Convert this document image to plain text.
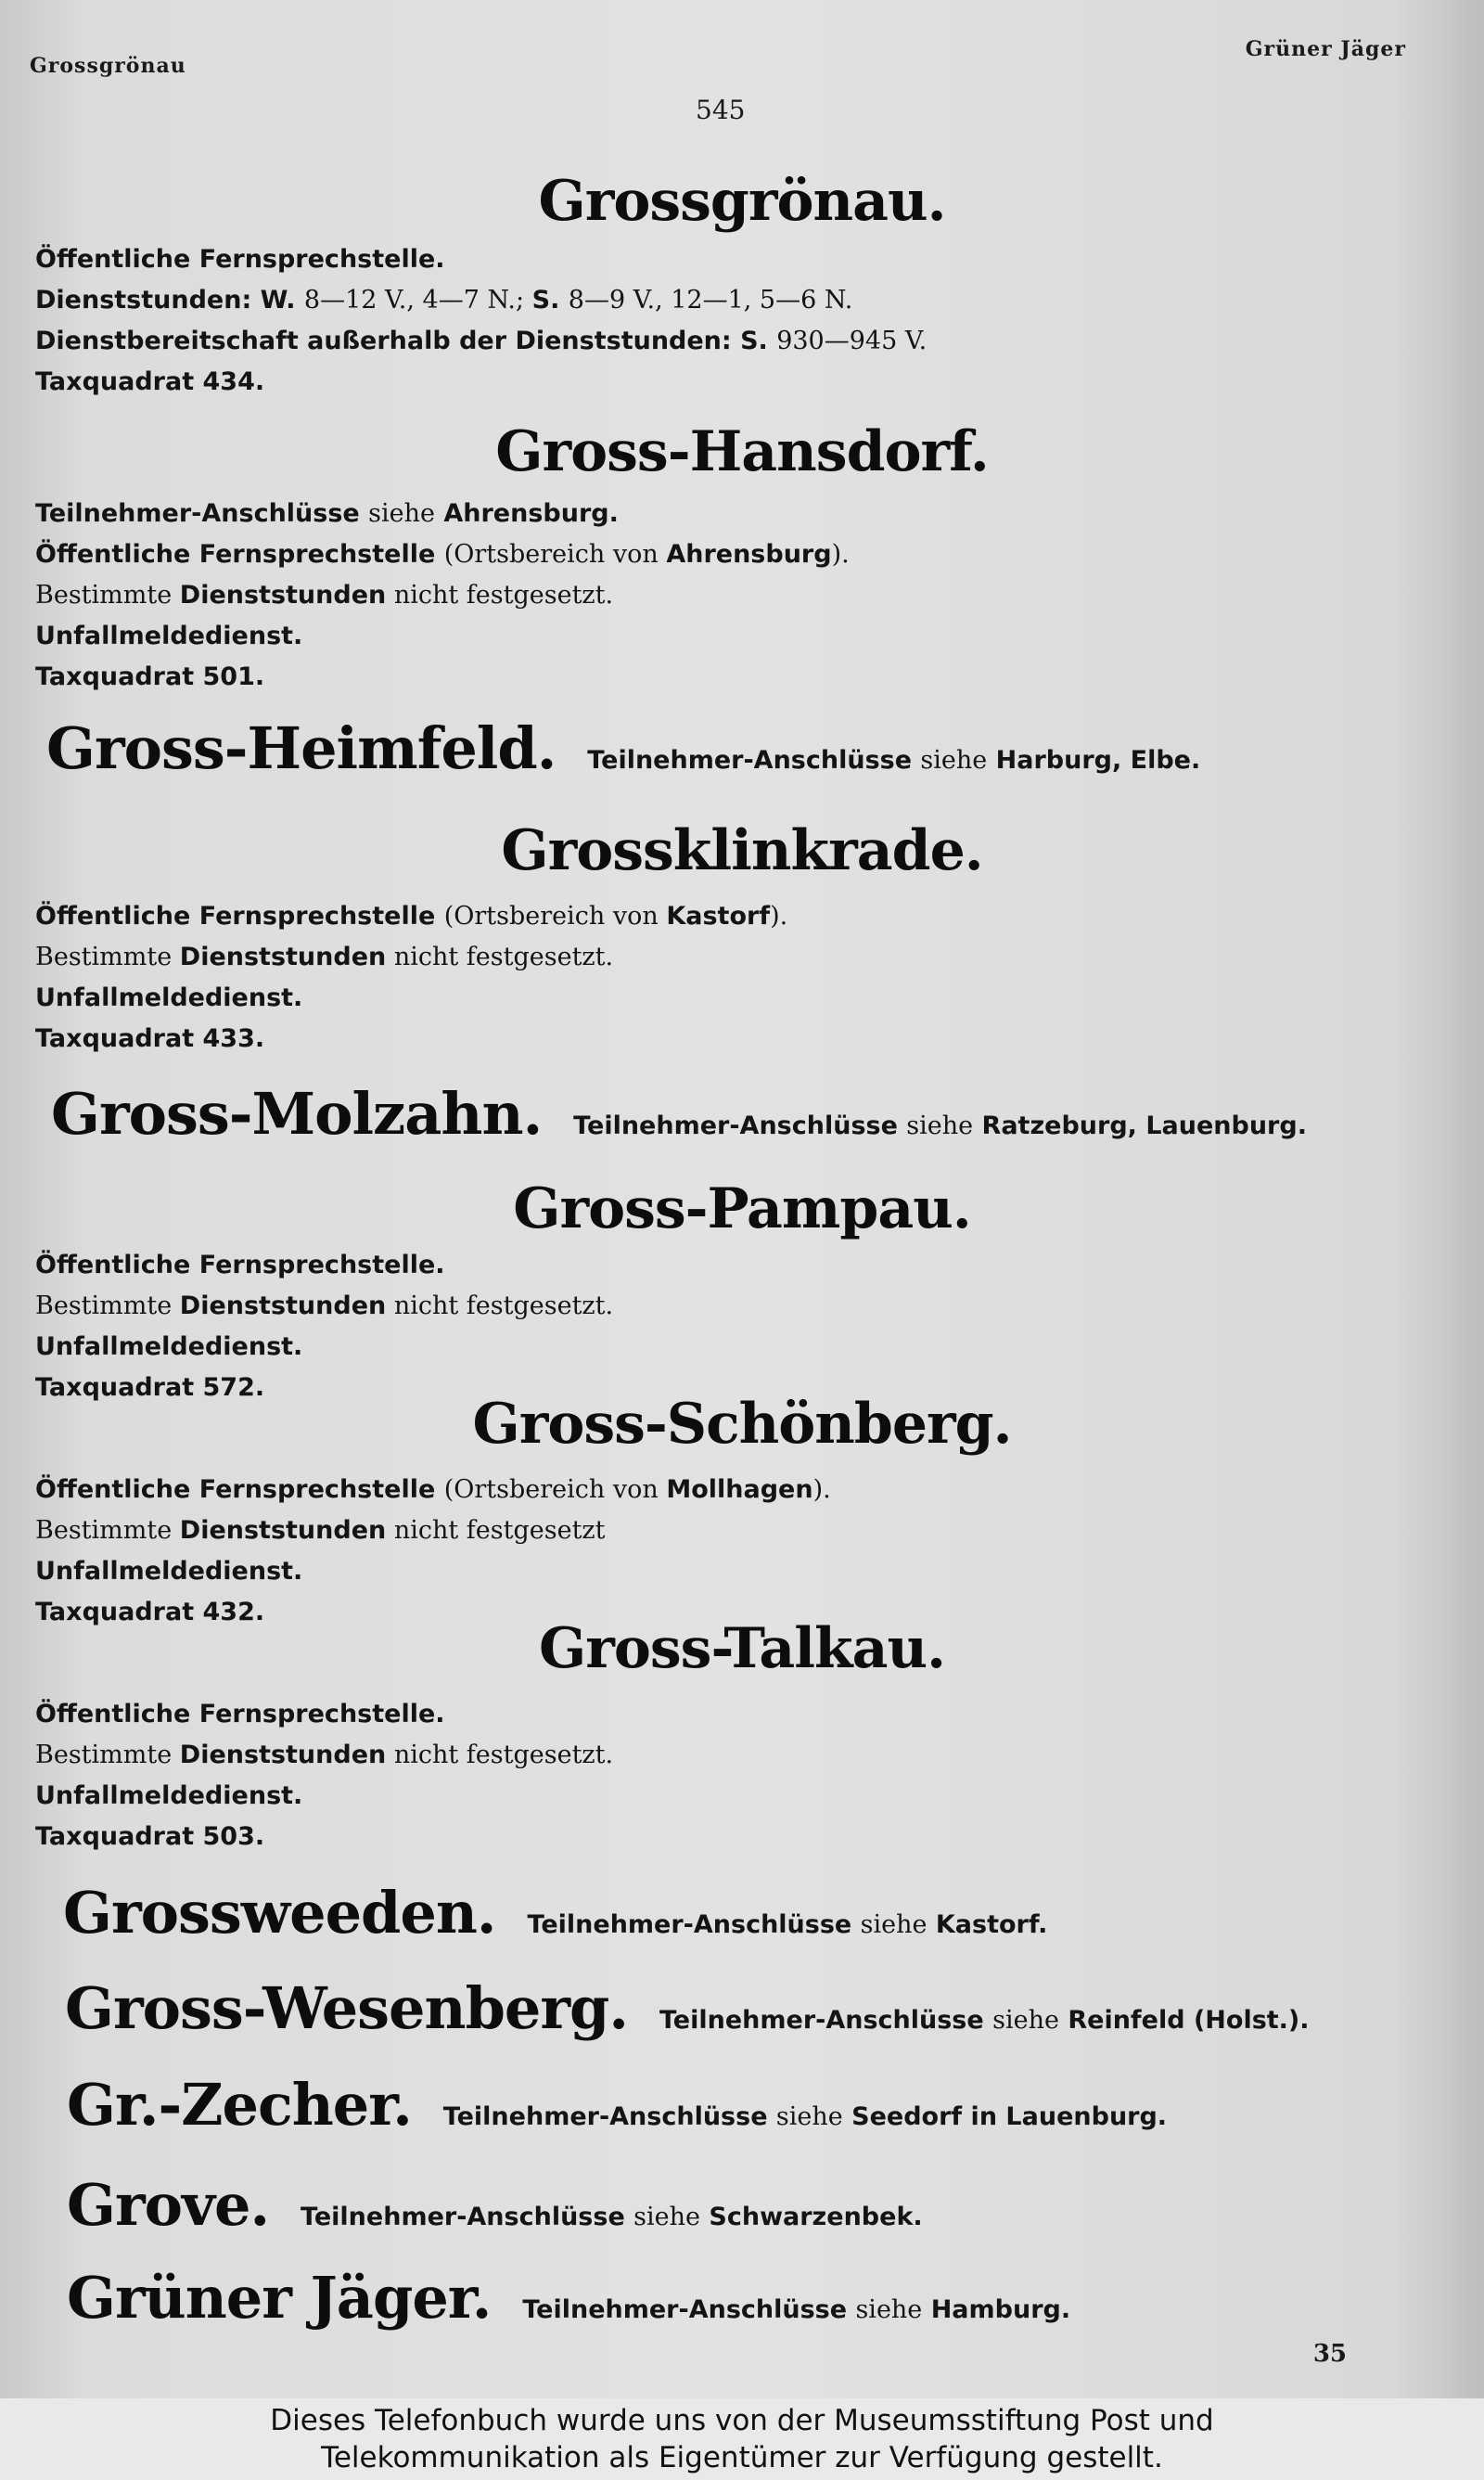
Grossgrönau
Grüner Jäger
545
Grossgrönau.
Öffentliche Fernsprechstelle.
Dienststunden: W. 8—12 V., 4—7 N.; S. 8—9 V., 12—1, 5—6 N.
Dienstbereitschaft außerhalb der Dienststunden: S. 930—945 V.
Taxquadrat 434.
Gross-Hansdorf.
Teilnehmer-Anschlüsse siehe Ahrensburg.
Öffentliche Fernsprechstelle (Ortsbereich von Ahrensburg).
Bestimmte Dienststunden nicht festgesetzt.
Unfallmeldedienst.
Taxquadrat 501.
Gross-Heimfeld. Teilnehmer-Anschlüsse siehe Harburg, Elbe.
Grossklinkrade.
Öffentliche Fernsprechstelle (Ortsbereich von Kastorf).
Bestimmte Dienststunden nicht festgesetzt.
Unfallmeldedienst.
Taxquadrat 433.
Gross-Molzahn. Teilnehmer-Anschlüsse siehe Ratzeburg, Lauenburg.
Gross-Pampau.
Öffentliche Fernsprechstelle.
Bestimmte Dienststunden nicht festgesetzt.
Unfallmeldedienst.
Taxquadrat 572.
Gross-Schönberg.
Öffentliche Fernsprechstelle (Ortsbereich von Mollhagen).
Bestimmte Dienststunden nicht festgesetzt
Unfallmeldedienst.
Taxquadrat 432.
Gross-Talkau.
Öffentliche Fernsprechstelle.
Bestimmte Dienststunden nicht festgesetzt.
Unfallmeldedienst.
Taxquadrat 503.
Grossweeden. Teilnehmer-Anschlüsse siehe Kastorf.
Gross-Wesenberg. Teilnehmer-Anschlüsse siehe Reinfeld (Holst.).
Gr.-Zecher. Teilnehmer-Anschlüsse siehe Seedorf in Lauenburg.
Grove. Teilnehmer-Anschlüsse siehe Schwarzenbek.
Grüner Jäger. Teilnehmer-Anschlüsse siehe Hamburg.
35
Dieses Telefonbuch wurde uns von der Museumsstiftung Post und
Telekommunikation als Eigentümer zur Verfügung gestellt.
